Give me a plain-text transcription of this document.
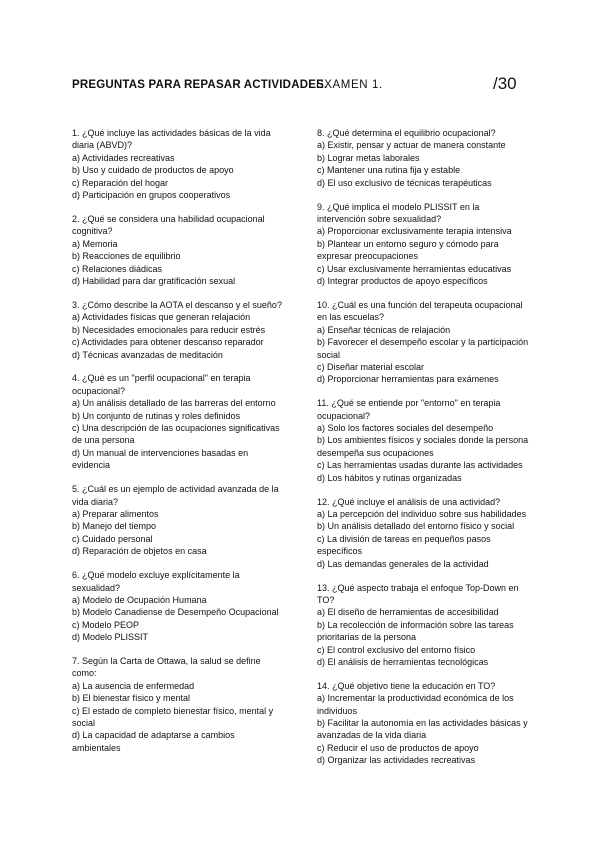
PREGUNTAS PARA REPASAR ACTIVIDADES.
EXAMEN 1.	/30

1. ¿Qué incluye las actividades básicas de la vida diaria (ABVD)?

a) Actividades recreativas
b) Uso y cuidado de productos de apoyo
c) Reparación del hogar
d) Participación en grupos cooperativos

2. ¿Qué se considera una habilidad ocupacional cognitiva?

a) Memoria
b) Reacciones de equilibrio
c) Relaciones diádicas
d) Habilidad para dar gratificación sexual

3. ¿Cómo describe la AOTA el descanso y el sueño?

a) Actividades físicas que generan relajación
b) Necesidades emocionales para reducir estrés
c) Actividades para obtener descanso reparador
d) Técnicas avanzadas de meditación

4. ¿Qué es un "perfil ocupacional" en terapia ocupacional?

a) Un análisis detallado de las barreras del entorno
b) Un conjunto de rutinas y roles definidos
c) Una descripción de las ocupaciones significativas de una persona
d) Un manual de intervenciones basadas en evidencia

5. ¿Cuál es un ejemplo de actividad avanzada de la vida diaria?

a) Preparar alimentos
b) Manejo del tiempo
c) Cuidado personal
d) Reparación de objetos en casa

6. ¿Qué modelo excluye explícitamente la sexualidad?

a) Modelo de Ocupación Humana
b) Modelo Canadiense de Desempeño Ocupacional
c) Modelo PEOP
d) Modelo PLISSIT

7. Según la Carta de Ottawa, la salud se define como:

a) La ausencia de enfermedad
b) El bienestar físico y mental
c) El estado de completo bienestar físico, mental y social
d) La capacidad de adaptarse a cambios ambientales

8. ¿Qué determina el equilibrio ocupacional?

a) Existir, pensar y actuar de manera constante
b) Lograr metas laborales
c) Mantener una rutina fija y estable
d) El uso exclusivo de técnicas terapéuticas

9. ¿Qué implica el modelo PLISSIT en la intervención sobre sexualidad?

a) Proporcionar exclusivamente terapia intensiva
b) Plantear un entorno seguro y cómodo para expresar preocupaciones
c) Usar exclusivamente herramientas educativas
d) Integrar productos de apoyo específicos

10. ¿Cuál es una función del terapeuta ocupacional en las escuelas?

a) Enseñar técnicas de relajación
b) Favorecer el desempeño escolar y la participación social
c) Diseñar material escolar
d) Proporcionar herramientas para exámenes

11. ¿Qué se entiende por "entorno" en terapia ocupacional?

a) Solo los factores sociales del desempeño
b) Los ambientes físicos y sociales donde la persona desempeña sus ocupaciones
c) Las herramientas usadas durante las actividades
d) Los hábitos y rutinas organizadas

12. ¿Qué incluye el análisis de una actividad?

a) La percepción del individuo sobre sus habilidades
b) Un análisis detallado del entorno físico y social
c) La división de tareas en pequeños pasos específicos
d) Las demandas generales de la actividad

13. ¿Qué aspecto trabaja el enfoque Top-Down en TO?

a) El diseño de herramientas de accesibilidad
b) La recolección de información sobre las tareas prioritarias de la persona
c) El control exclusivo del entorno físico
d) El análisis de herramientas tecnológicas

14. ¿Qué objetivo tiene la educación en TO?

a) Incrementar la productividad económica de los individuos
b) Facilitar la autonomía en las actividades básicas y avanzadas de la vida diaria
c) Reducir el uso de productos de apoyo
d) Organizar las actividades recreativas
